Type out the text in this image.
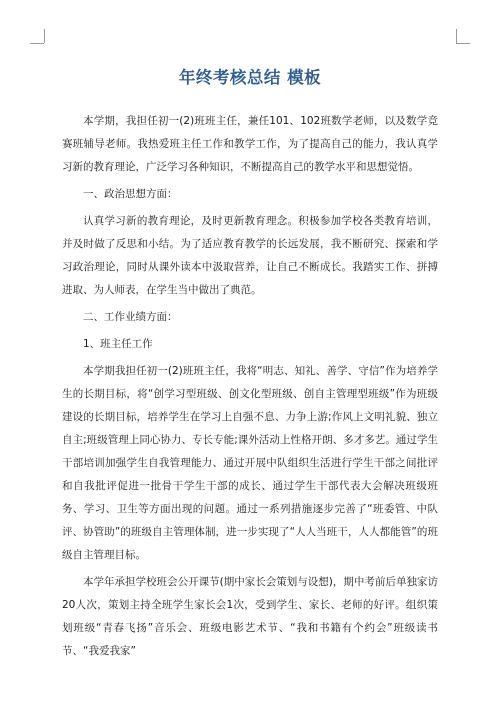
年终考核总结 模板

本学期，我担任初一(2)班班主任，兼任101、102班数学老师，以及数学竞赛班辅导老师。我热爱班主任工作和教学工作，为了提高自己的能力，我认真学习新的教育理论，广泛学习各种知识，不断提高自己的教学水平和思想觉悟。

一、政治思想方面：

认真学习新的教育理论，及时更新教育理念。积极参加学校各类教育培训，并及时做了反思和小结。为了适应教育教学的长远发展，我不断研究、探索和学习政治理论，同时从课外读本中汲取营养，让自己不断成长。我踏实工作、拼搏进取、为人师表，在学生当中做出了典范。

二、工作业绩方面：

1、班主任工作

本学期我担任初一(2)班班主任，我将“明志、知礼、善学、守信”作为培养学生的长期目标，将“创学习型班级、创文化型班级、创自主管理型班级”作为班级建设的长期目标，培养学生在学习上自强不息、力争上游;作风上文明礼貌、独立自主;班级管理上同心协力、专长专能;课外活动上性格开朗、多才多艺。通过学生干部培训加强学生自我管理能力、通过开展中队组织生活进行学生干部之间批评和自我批评促进一批骨干学生干部的成长、通过学生干部代表大会解决班级班务、学习、卫生等方面出现的问题。通过一系列措施逐步完善了“班委管、中队评、协管助”的班级自主管理体制，进一步实现了“人人当班干，人人都能管”的班级自主管理目标。

本学年承担学校班会公开课节(期中家长会策划与设想)，期中考前后单独家访20人次，策划主持全班学生家长会1次，受到学生、家长、老师的好评。组织策划班级“青春飞扬”音乐会、班级电影艺术节、“我和书籍有个约会”班级读书节、“我爱我家”
